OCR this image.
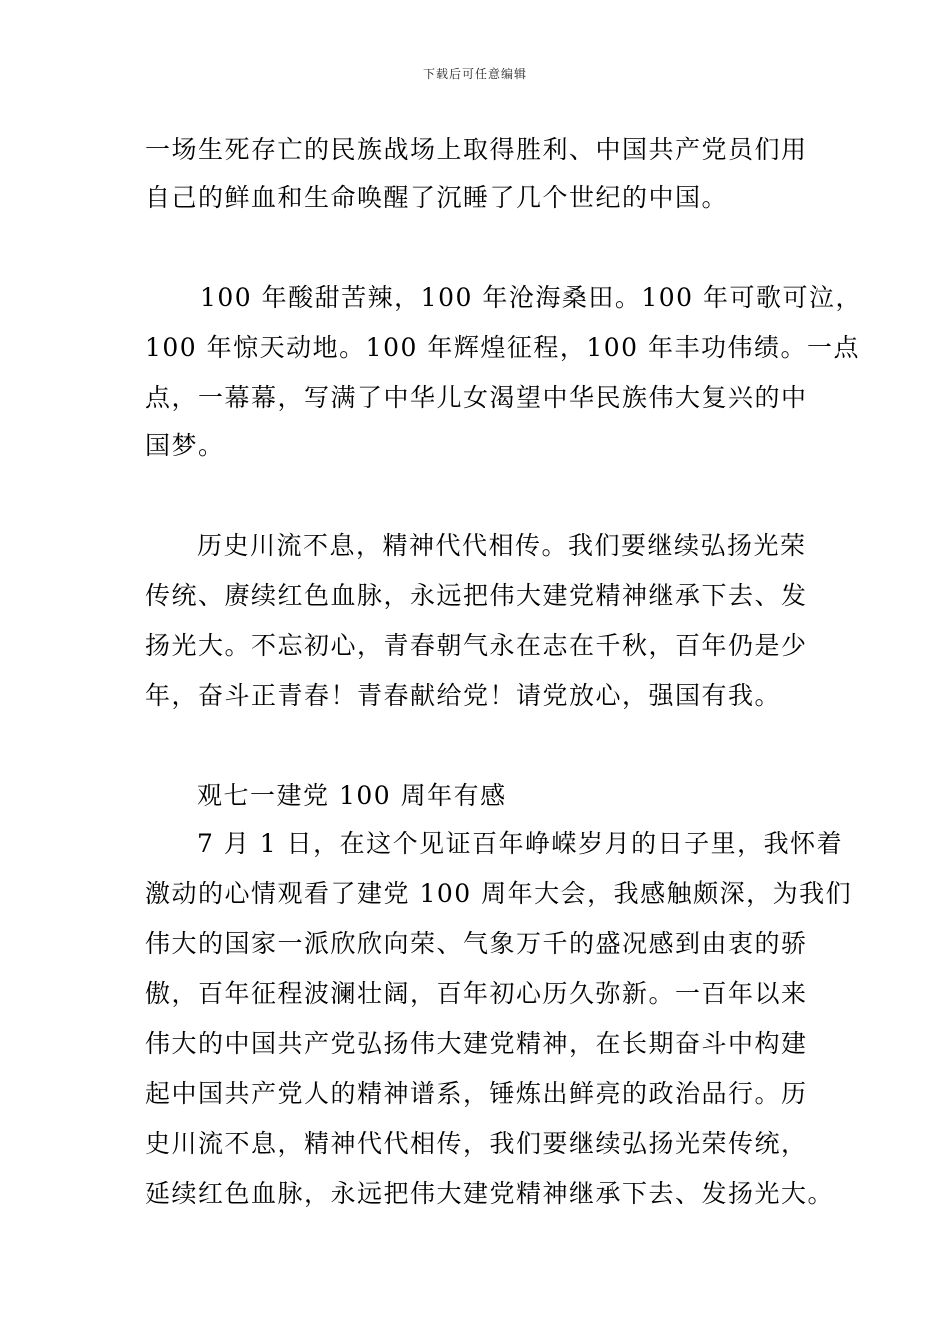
下载后可任意编辑
一场生死存亡的民族战场上取得胜利、中国共产党员们用
自己的鲜血和生命唤醒了沉睡了几个世纪的中国。
100 年酸甜苦辣，100 年沧海桑田。100 年可歌可泣，
100 年惊天动地。100 年辉煌征程，100 年丰功伟绩。一点
点，一幕幕，写满了中华儿女渴望中华民族伟大复兴的中
国梦。
历史川流不息，精神代代相传。我们要继续弘扬光荣
传统、赓续红色血脉，永远把伟大建党精神继承下去、发
扬光大。不忘初心，青春朝气永在志在千秋，百年仍是少
年，奋斗正青春！青春献给党！请党放心，强国有我。
观七一建党 100 周年有感
7 月 1 日，在这个见证百年峥嵘岁月的日子里，我怀着
激动的心情观看了建党 100 周年大会，我感触颇深，为我们
伟大的国家一派欣欣向荣、气象万千的盛况感到由衷的骄
傲，百年征程波澜壮阔，百年初心历久弥新。一百年以来
伟大的中国共产党弘扬伟大建党精神，在长期奋斗中构建
起中国共产党人的精神谱系，锤炼出鲜亮的政治品行。历
史川流不息，精神代代相传，我们要继续弘扬光荣传统，
延续红色血脉，永远把伟大建党精神继承下去、发扬光大。
